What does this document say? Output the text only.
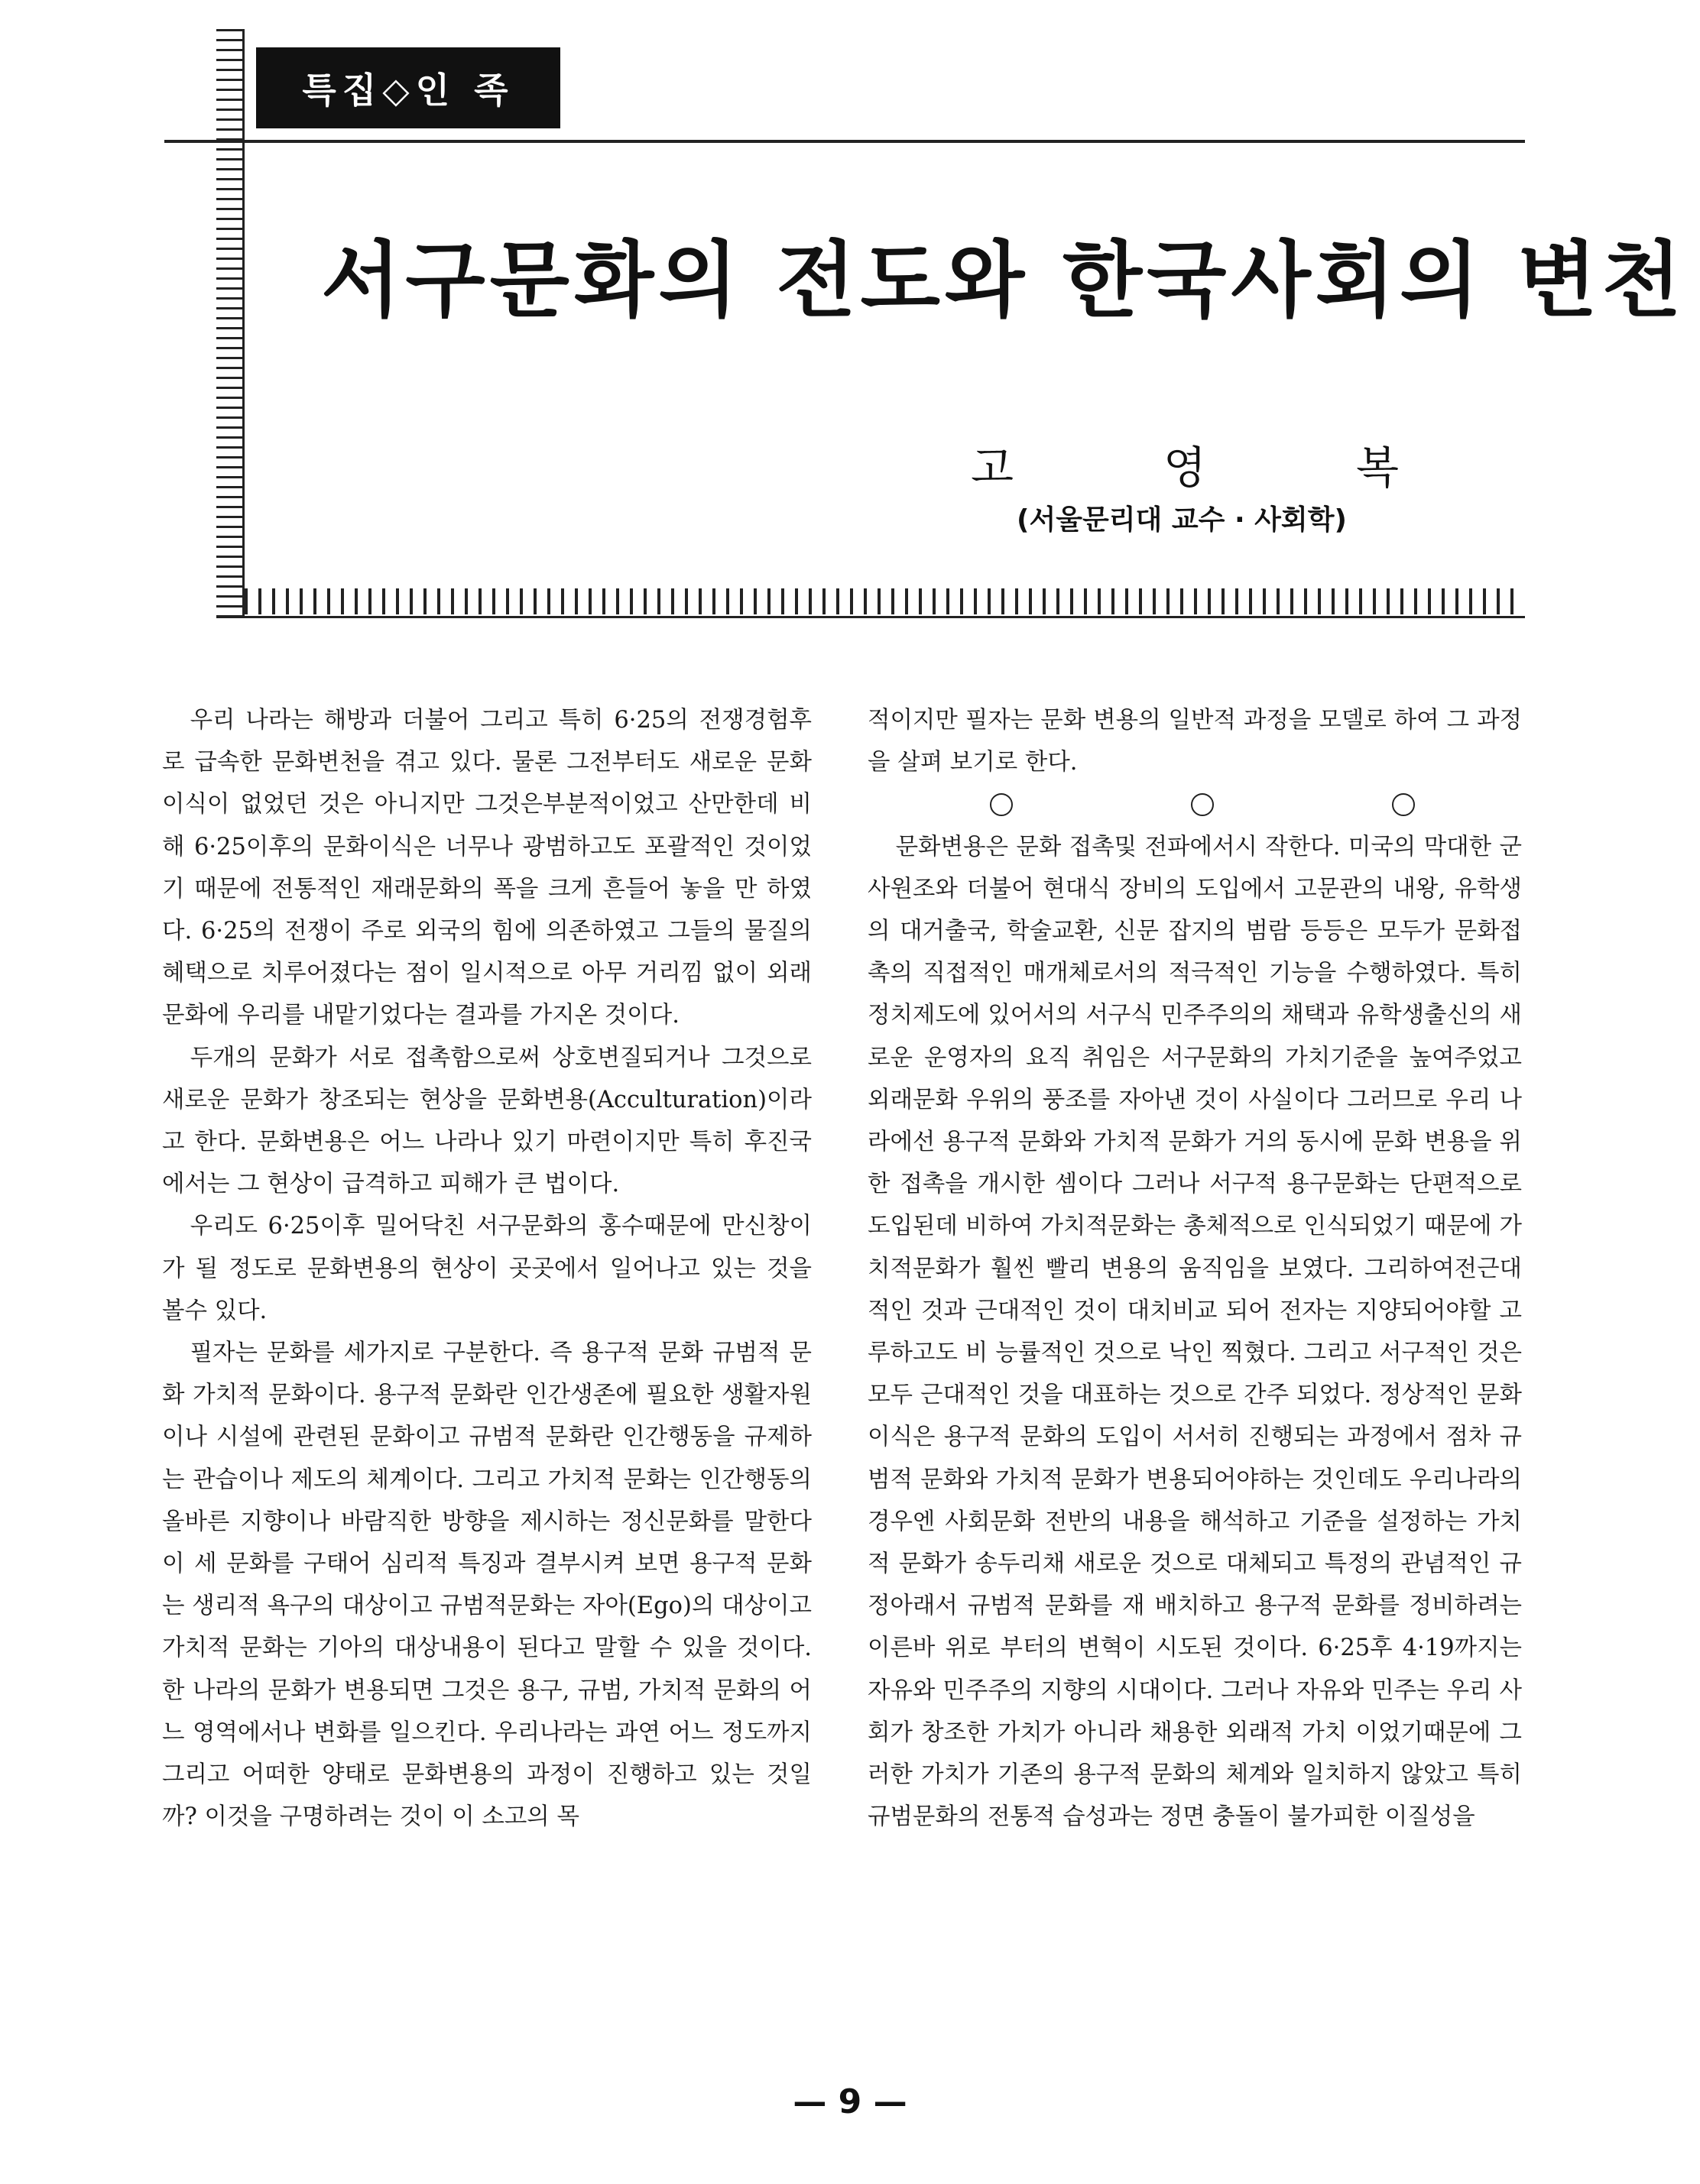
특집◇인 족
서구문화의 전도와 한국사회의 변천
고	영	복
(서울문리대 교수 · 사회학)

우리 나라는 해방과 더불어 그리고 특히 6·25의 전쟁경험후로 급속한 문화변천을 겪고 있다. 물론 그전부터도 새로운 문화이식이 없었던 것은 아니지만 그것은부분적이었고 산만한데 비해 6·25이후의 문화이식은 너무나 광범하고도 포괄적인 것이었기 때문에 전통적인 재래문화의 폭을 크게 흔들어 놓을 만 하였다. 6·25의 전쟁이 주로 외국의 힘에 의존하였고 그들의 물질의 혜택으로 치루어졌다는 점이 일시적으로 아무 거리낌 없이 외래문화에 우리를 내맡기었다는 결과를 가지온 것이다.

두개의 문화가 서로 접촉함으로써 상호변질되거나 그것으로 새로운 문화가 창조되는 현상을 문화변용(Acculturation)이라고 한다. 문화변용은 어느 나라나 있기 마련이지만 특히 후진국에서는 그 현상이 급격하고 피해가 큰 법이다.

우리도 6·25이후 밀어닥친 서구문화의 홍수때문에 만신창이가 될 정도로 문화변용의 현상이 곳곳에서 일어나고 있는 것을 볼수 있다.

필자는 문화를 세가지로 구분한다. 즉 용구적 문화 규범적 문화 가치적 문화이다. 용구적 문화란 인간생존에 필요한 생활자원이나 시설에 관련된 문화이고 규범적 문화란 인간행동을 규제하는 관습이나 제도의 체계이다. 그리고 가치적 문화는 인간행동의 올바른 지향이나 바람직한 방향을 제시하는 정신문화를 말한다 이 세 문화를 구태어 심리적 특징과 결부시켜 보면 용구적 문화는 생리적 욕구의 대상이고 규범적문화는 자아(Ego)의 대상이고 가치적 문화는 기아의 대상내용이 된다고 말할 수 있을 것이다. 한 나라의 문화가 변용되면 그것은 용구, 규범, 가치적 문화의 어느 영역에서나 변화를 일으킨다. 우리나라는 과연 어느 정도까지 그리고 어떠한 양태로 문화변용의 과정이 진행하고 있는 것일까? 이것을 구명하려는 것이 이 소고의 목

적이지만 필자는 문화 변용의 일반적 과정을 모델로 하여 그 과정을 살펴 보기로 한다.

문화변용은 문화 접촉및 전파에서시 작한다. 미국의 막대한 군사원조와 더불어 현대식 장비의 도입에서 고문관의 내왕, 유학생의 대거출국, 학술교환, 신문 잡지의 범람 등등은 모두가 문화접촉의 직접적인 매개체로서의 적극적인 기능을 수행하였다. 특히 정치제도에 있어서의 서구식 민주주의의 채택과 유학생출신의 새로운 운영자의 요직 취임은 서구문화의 가치기준을 높여주었고 외래문화 우위의 풍조를 자아낸 것이 사실이다 그러므로 우리 나라에선 용구적 문화와 가치적 문화가 거의 동시에 문화 변용을 위한 접촉을 개시한 셈이다 그러나 서구적 용구문화는 단편적으로 도입된데 비하여 가치적문화는 총체적으로 인식되었기 때문에 가치적문화가 훨씬 빨리 변용의 움직임을 보였다. 그리하여전근대적인 것과 근대적인 것이 대치비교 되어 전자는 지양되어야할 고루하고도 비 능률적인 것으로 낙인 찍혔다. 그리고 서구적인 것은 모두 근대적인 것을 대표하는 것으로 간주 되었다. 정상적인 문화이식은 용구적 문화의 도입이 서서히 진행되는 과정에서 점차 규범적 문화와 가치적 문화가 변용되어야하는 것인데도 우리나라의 경우엔 사회문화 전반의 내용을 해석하고 기준을 설정하는 가치적 문화가 송두리채 새로운 것으로 대체되고 특정의 관념적인 규정아래서 규범적 문화를 재 배치하고 용구적 문화를 정비하려는 이른바 위로 부터의 변혁이 시도된 것이다. 6·25후 4·19까지는 자유와 민주주의 지향의 시대이다. 그러나 자유와 민주는 우리 사회가 창조한 가치가 아니라 채용한 외래적 가치 이었기때문에 그러한 가치가 기존의 용구적 문화의 체계와 일치하지 않았고 특히 규범문화의 전통적 습성과는 정면 충돌이 불가피한 이질성을

— 9 —
